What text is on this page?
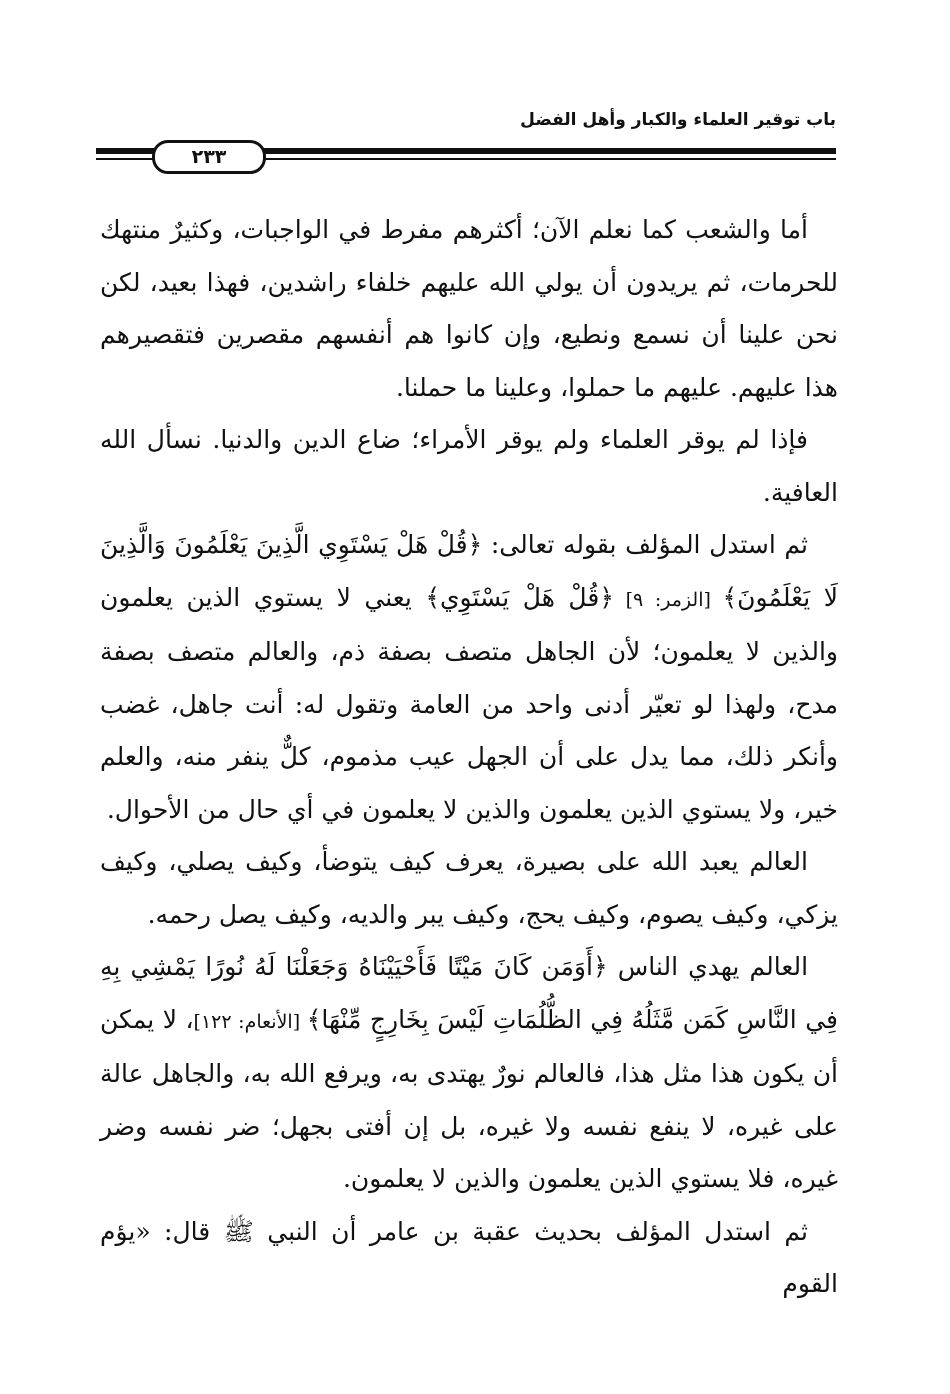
باب توقير العلماء والكبار وأهل الفضل
٢٣٣

أما والشعب كما نعلم الآن؛ أكثرهم مفرط في الواجبات، وكثيرٌ منتهك للحرمات، ثم يريدون أن يولي الله عليهم خلفاء راشدين، فهذا بعيد، لكن نحن علينا أن نسمع ونطيع، وإن كانوا هم أنفسهم مقصرين فتقصيرهم هذا عليهم. عليهم ما حملوا، وعلينا ما حملنا.

فإذا لم يوقر العلماء ولم يوقر الأمراء؛ ضاع الدين والدنيا. نسأل الله العافية.

ثم استدل المؤلف بقوله تعالى: ﴿قُلْ هَلْ يَسْتَوِي الَّذِينَ يَعْلَمُونَ وَالَّذِينَ لَا يَعْلَمُونَ﴾ [الزمر: ٩] ﴿قُلْ هَلْ يَسْتَوِي﴾ يعني لا يستوي الذين يعلمون والذين لا يعلمون؛ لأن الجاهل متصف بصفة ذم، والعالم متصف بصفة مدح، ولهذا لو تعيّر أدنى واحد من العامة وتقول له: أنت جاهل، غضب وأنكر ذلك، مما يدل على أن الجهل عيب مذموم، كلٌّ ينفر منه، والعلم خير، ولا يستوي الذين يعلمون والذين لا يعلمون في أي حال من الأحوال.

العالم يعبد الله على بصيرة، يعرف كيف يتوضأ، وكيف يصلي، وكيف يزكي، وكيف يصوم، وكيف يحج، وكيف يبر والديه، وكيف يصل رحمه.

العالم يهدي الناس ﴿أَوَمَن كَانَ مَيْتًا فَأَحْيَيْنَاهُ وَجَعَلْنَا لَهُ نُورًا يَمْشِي بِهِ فِي النَّاسِ كَمَن مَّثَلُهُ فِي الظُّلُمَاتِ لَيْسَ بِخَارِجٍ مِّنْهَا﴾ [الأنعام: ١٢٢]، لا يمكن أن يكون هذا مثل هذا، فالعالم نورٌ يهتدى به، ويرفع الله به، والجاهل عالة على غيره، لا ينفع نفسه ولا غيره، بل إن أفتى بجهل؛ ضر نفسه وضر غيره، فلا يستوي الذين يعلمون والذين لا يعلمون.

ثم استدل المؤلف بحديث عقبة بن عامر أن النبي ﷺ قال: «يؤم القوم
